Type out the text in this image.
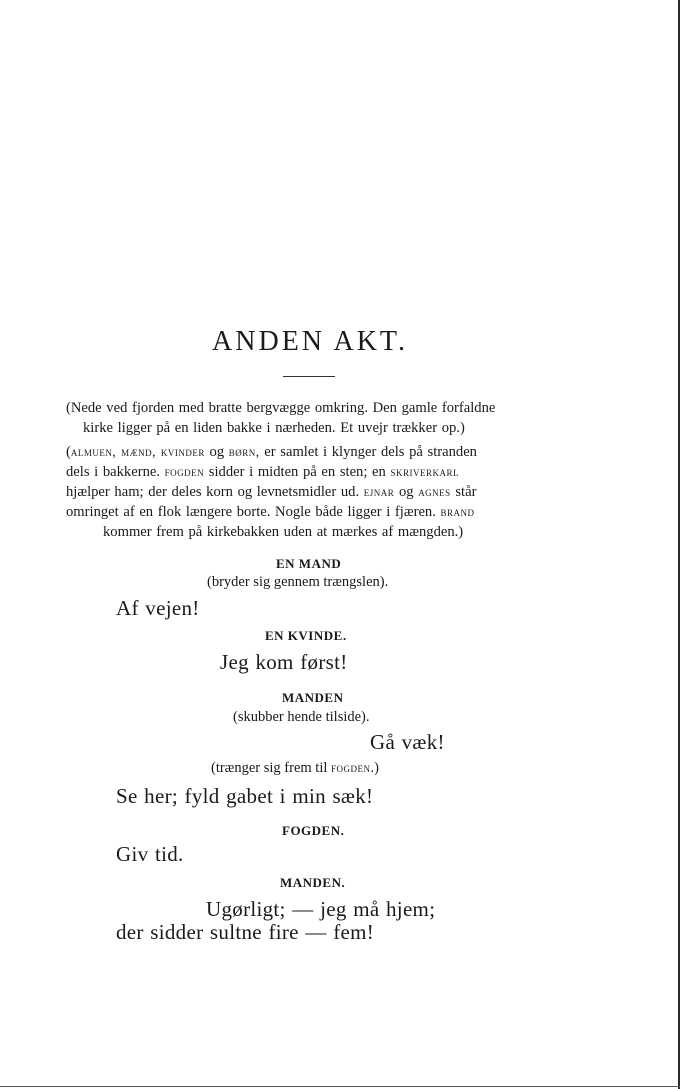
ANDEN AKT.
(Nede ved fjorden med bratte bergvægge omkring. Den gamle forfaldne
kirke ligger på en liden bakke i nærheden. Et uvejr trækker op.)
(almuen, mænd, kvinder og børn, er samlet i klynger dels på stranden
dels i bakkerne. fogden sidder i midten på en sten; en skriverkarl
hjælper ham; der deles korn og levnetsmidler ud. ejnar og agnes står
omringet af en flok længere borte. Nogle både ligger i fjæren. brand
kommer frem på kirkebakken uden at mærkes af mængden.)
EN MAND
(bryder sig gennem trængslen).
Af vejen!
EN KVINDE.
Jeg kom først!
MANDEN
(skubber hende tilside).
Gå væk!
(trænger sig frem til fogden.)
Se her; fyld gabet i min sæk!
FOGDEN.
Giv tid.
MANDEN.
Ugørligt; — jeg må hjem;
der sidder sultne fire — fem!
